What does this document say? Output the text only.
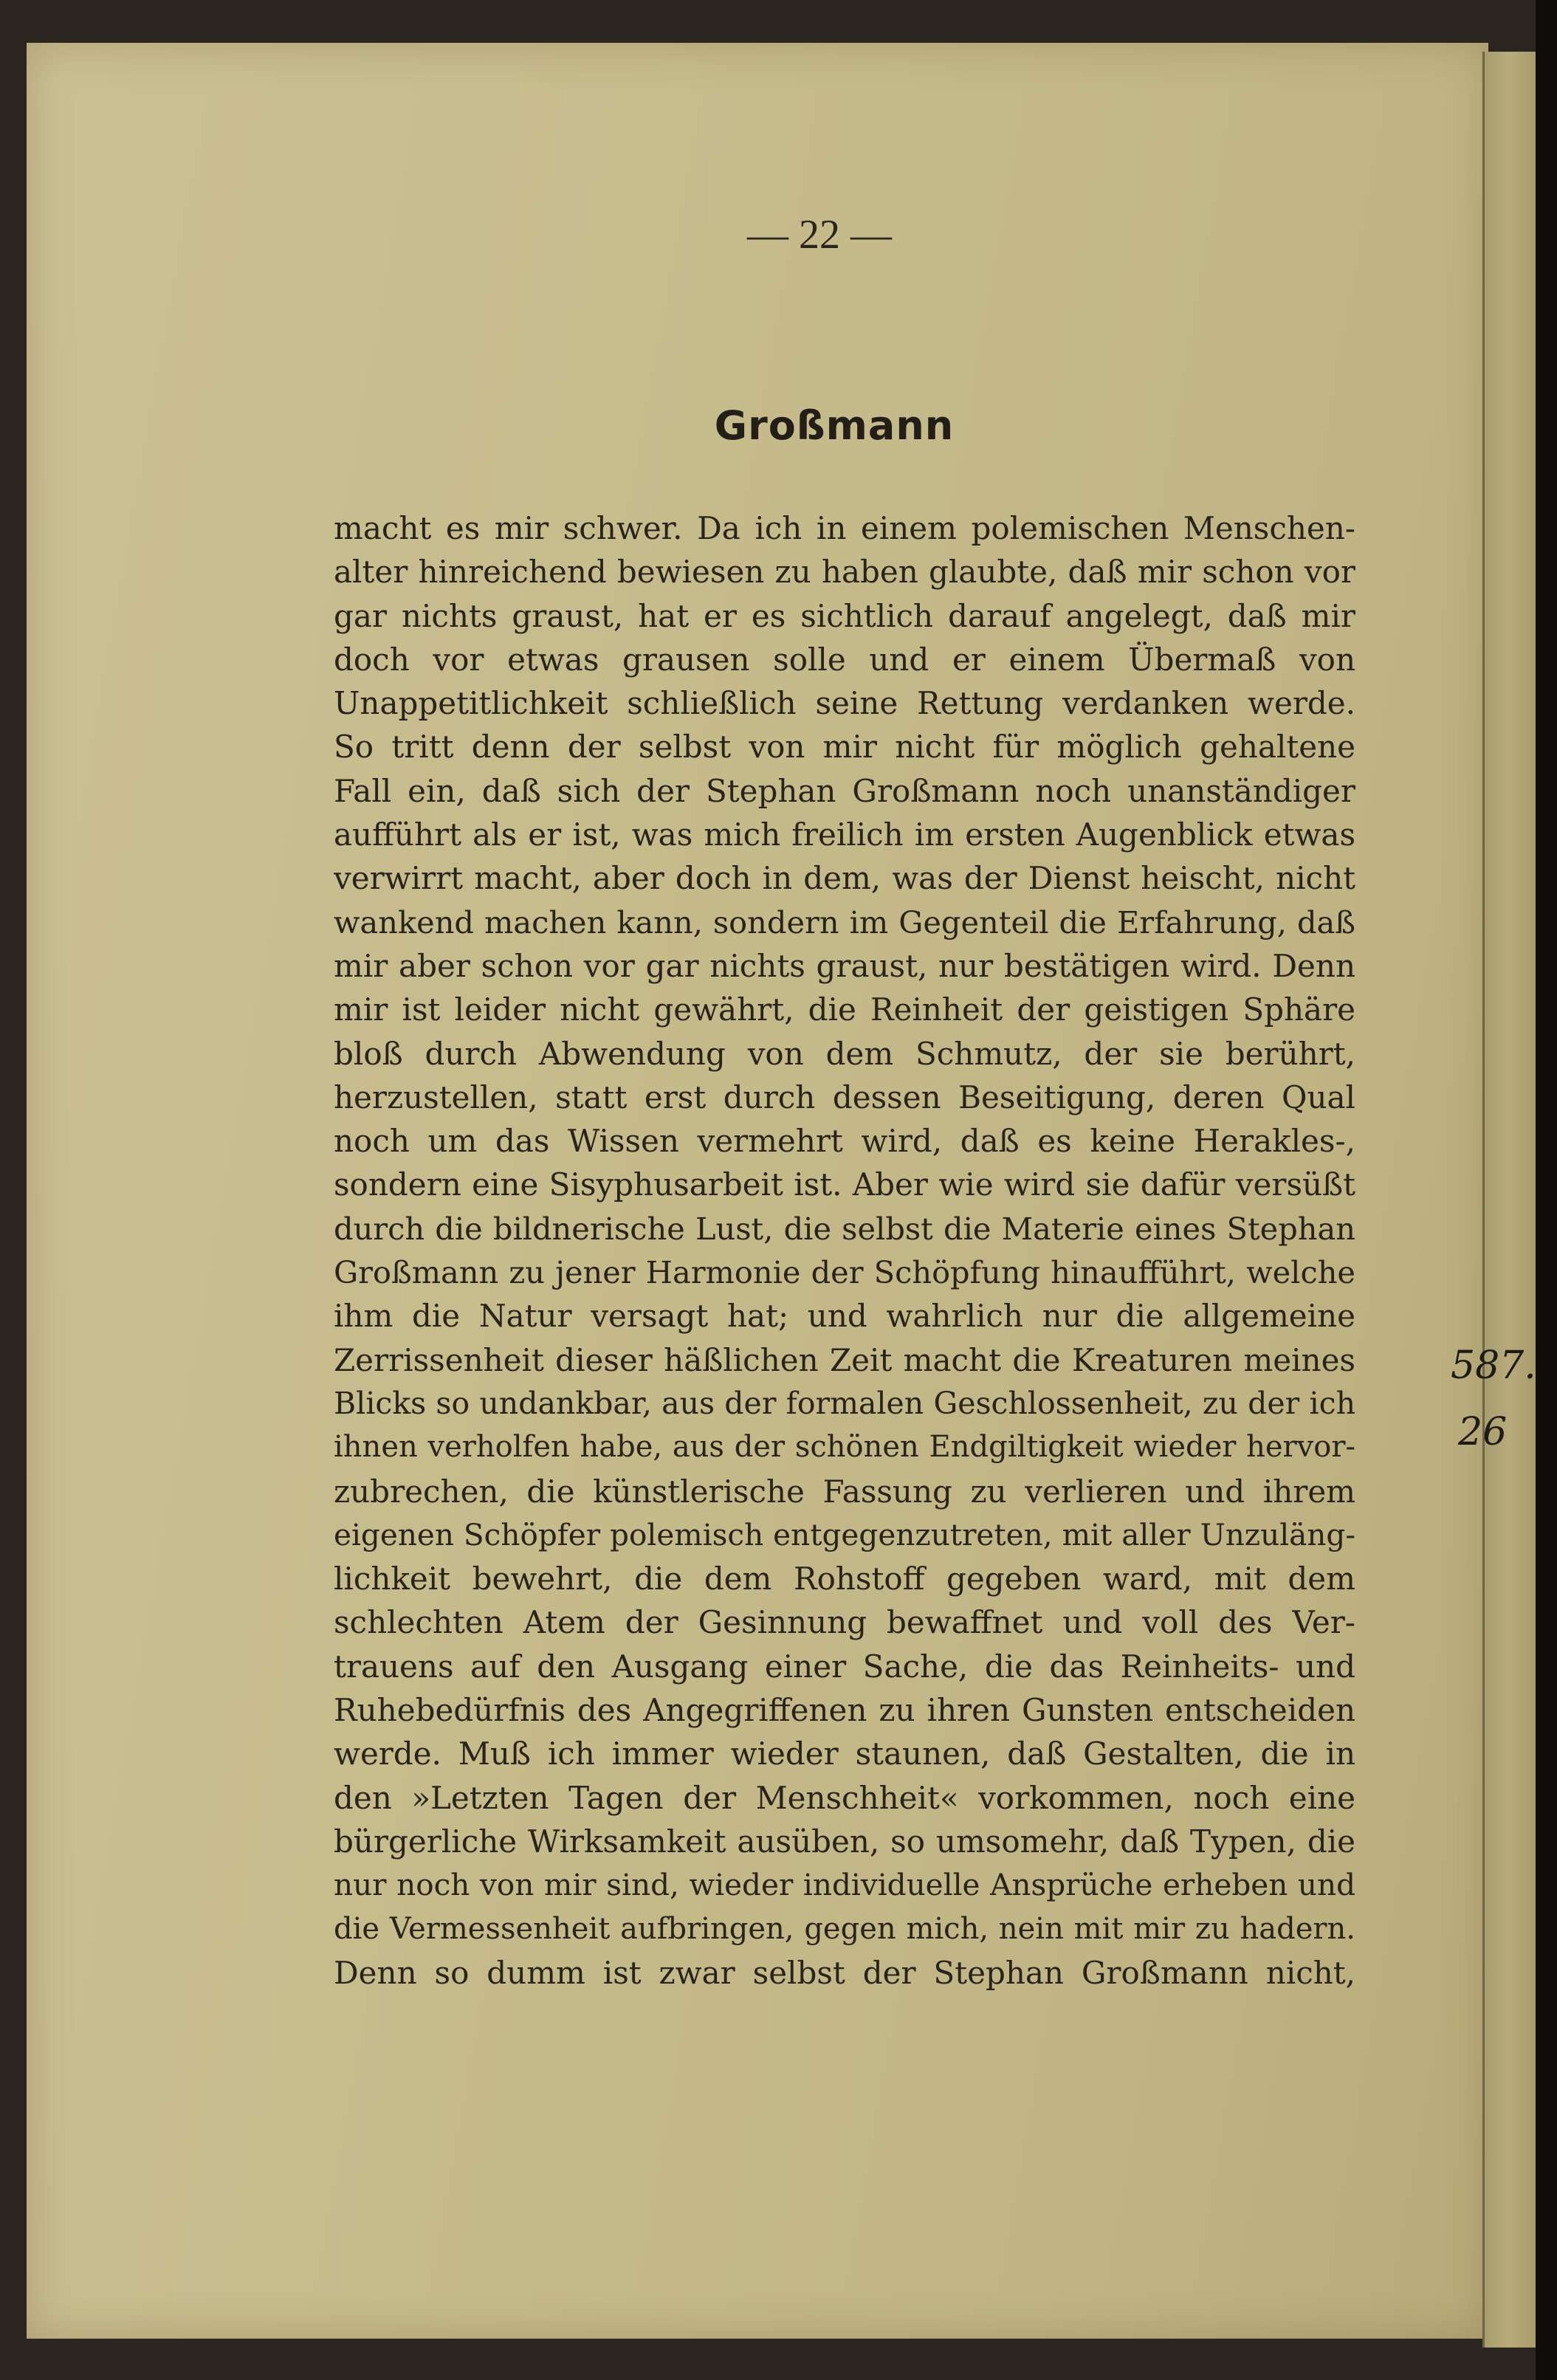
— 22 —
Großmann
macht es mir schwer. Da ich in einem polemischen Menschen-
alter hinreichend bewiesen zu haben glaubte, daß mir schon vor
gar nichts graust, hat er es sichtlich darauf angelegt, daß mir
doch vor etwas grausen solle und er einem Übermaß von
Unappetitlichkeit schließlich seine Rettung verdanken werde.
So tritt denn der selbst von mir nicht für möglich gehaltene
Fall ein, daß sich der Stephan Großmann noch unanständiger
aufführt als er ist, was mich freilich im ersten Augenblick etwas
verwirrt macht, aber doch in dem, was der Dienst heischt, nicht
wankend machen kann, sondern im Gegenteil die Erfahrung, daß
mir aber schon vor gar nichts graust, nur bestätigen wird. Denn
mir ist leider nicht gewährt, die Reinheit der geistigen Sphäre
bloß durch Abwendung von dem Schmutz, der sie berührt,
herzustellen, statt erst durch dessen Beseitigung, deren Qual
noch um das Wissen vermehrt wird, daß es keine Herakles-,
sondern eine Sisyphusarbeit ist. Aber wie wird sie dafür versüßt
durch die bildnerische Lust, die selbst die Materie eines Stephan
Großmann zu jener Harmonie der Schöpfung hinaufführt, welche
ihm die Natur versagt hat; und wahrlich nur die allgemeine
Zerrissenheit dieser häßlichen Zeit macht die Kreaturen meines
Blicks so undankbar, aus der formalen Geschlossenheit, zu der ich
ihnen verholfen habe, aus der schönen Endgiltigkeit wieder hervor-
zubrechen, die künstlerische Fassung zu verlieren und ihrem
eigenen Schöpfer polemisch entgegenzutreten, mit aller Unzuläng-
lichkeit bewehrt, die dem Rohstoff gegeben ward, mit dem
schlechten Atem der Gesinnung bewaffnet und voll des Ver-
trauens auf den Ausgang einer Sache, die das Reinheits- und
Ruhebedürfnis des Angegriffenen zu ihren Gunsten entscheiden
werde. Muß ich immer wieder staunen, daß Gestalten, die in
den »Letzten Tagen der Menschheit« vorkommen, noch eine
bürgerliche Wirksamkeit ausüben, so umsomehr, daß Typen, die
nur noch von mir sind, wieder individuelle Ansprüche erheben und
die Vermessenheit aufbringen, gegen mich, nein mit mir zu hadern.
Denn so dumm ist zwar selbst der Stephan Großmann nicht,
587.
26
